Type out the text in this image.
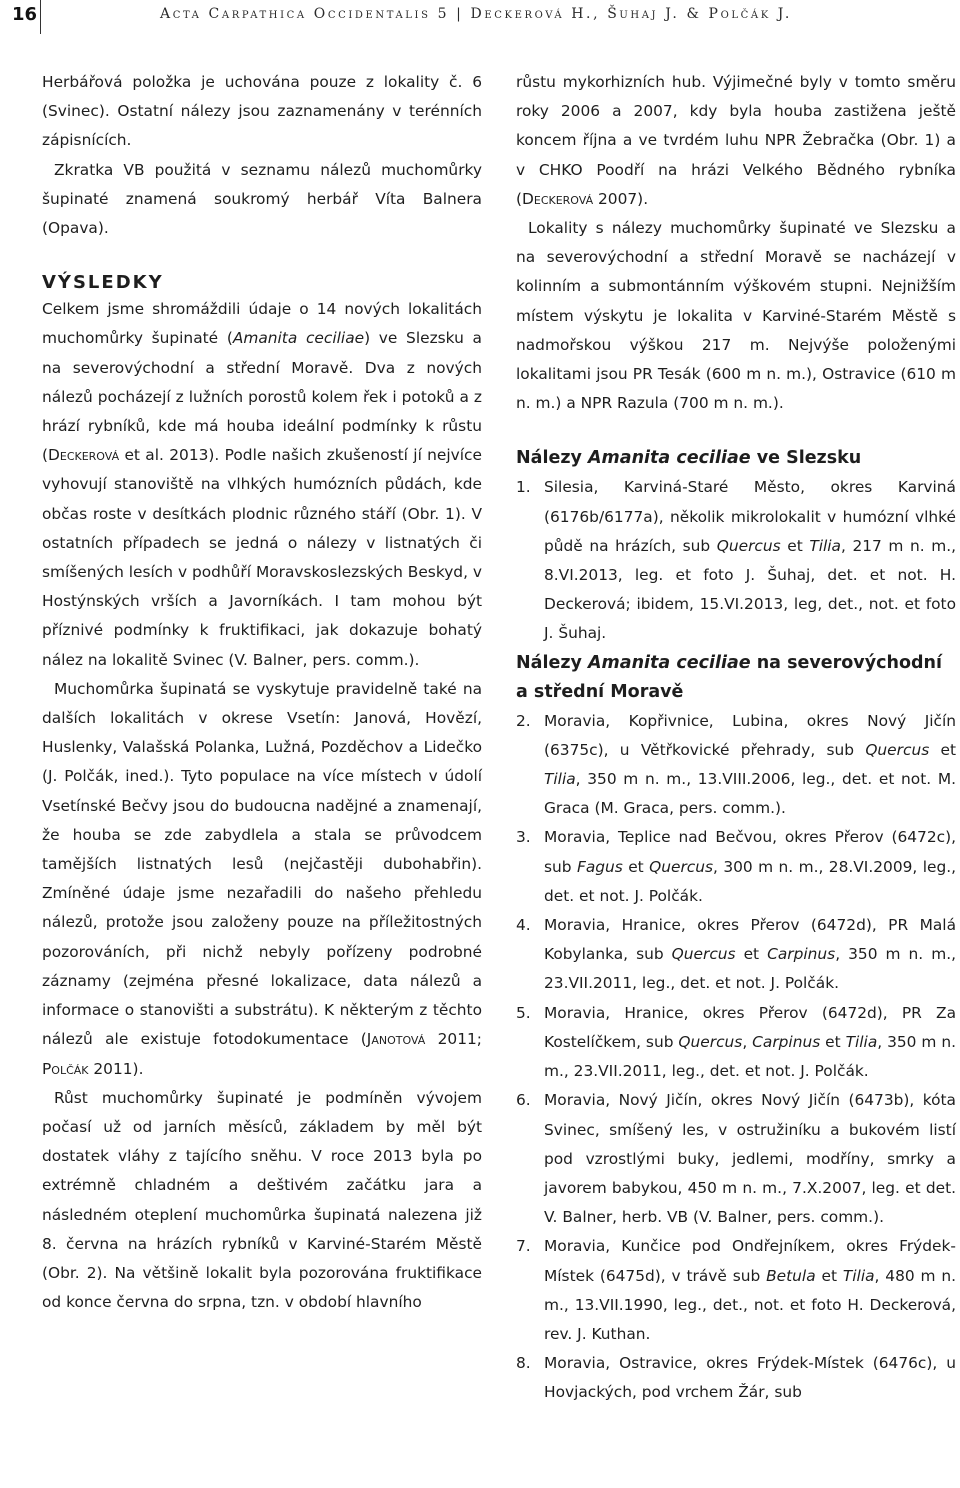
16	Acta Carpathica Occidentalis 5 | Deckerová H., Šuhaj J. & Polčák J.

Herbářová položka je uchována pouze z lokality č. 6 (Svinec). Ostatní nálezy jsou zaznamenány v terénních zápisnících.

Zkratka VB použitá v seznamu nálezů muchomůrky šupinaté znamená soukromý herbář Víta Balnera (Opava).

VÝSLEDKY

Celkem jsme shromáždili údaje o 14 nových lokalitách muchomůrky šupinaté (Amanita ceciliae) ve Slezsku a na severovýchodní a střední Moravě. Dva z nových nálezů pocházejí z lužních porostů kolem řek i potoků a z hrází rybníků, kde má houba ideální podmínky k růstu (Deckerová et al. 2013). Podle našich zkušeností jí nejvíce vyhovují stanoviště na vlhkých humózních půdách, kde občas roste v desítkách plodnic různého stáří (Obr. 1). V ostatních případech se jedná o nálezy v listnatých či smíšených lesích v podhůří Moravskoslezských Beskyd, v Hostýnských vrších a Javorníkách. I tam mohou být příznivé podmínky k fruktifikaci, jak dokazuje bohatý nález na lokalitě Svinec (V. Balner, pers. comm.).

Muchomůrka šupinatá se vyskytuje pravidelně také na dalších lokalitách v okrese Vsetín: Janová, Hovězí, Huslenky, Valašská Polanka, Lužná, Pozděchov a Lidečko (J. Polčák, ined.). Tyto populace na více místech v údolí Vsetínské Bečvy jsou do budoucna nadějné a znamenají, že houba se zde zabydlela a stala se průvodcem tamějších listnatých lesů (nejčastěji dubohabřin). Zmíněné údaje jsme nezařadili do našeho přehledu nálezů, protože jsou založeny pouze na příležitostných pozorováních, při nichž nebyly pořízeny podrobné záznamy (zejména přesné lokalizace, data nálezů a informace o stanovišti a substrátu). K některým z těchto nálezů ale existuje fotodokumentace (Janotová 2011; Polčák 2011).

Růst muchomůrky šupinaté je podmíněn vývojem počasí už od jarních měsíců, základem by měl být dostatek vláhy z tajícího sněhu. V roce 2013 byla po extrémně chladném a deštivém začátku jara a následném oteplení muchomůrka šupinatá nalezena již 8. června na hrázích rybníků v Karviné-Starém Městě (Obr. 2). Na většině lokalit byla pozorována fruktifikace od konce června do srpna, tzn. v období hlavního

růstu mykorhizních hub. Výjimečné byly v tomto směru roky 2006 a 2007, kdy byla houba zastižena ještě koncem října a ve tvrdém luhu NPR Žebračka (Obr. 1) a v CHKO Poodří na hrázi Velkého Bědného rybníka (Deckerová 2007).

Lokality s nálezy muchomůrky šupinaté ve Slezsku a na severovýchodní a střední Moravě se nacházejí v kolinním a submontánním výškovém stupni. Nejnižším místem výskytu je lokalita v Karviné-Starém Městě s nadmořskou výškou 217 m. Nejvýše položenými lokalitami jsou PR Tesák (600 m n. m.), Ostravice (610 m n. m.) a NPR Razula (700 m n. m.).

Nálezy Amanita ceciliae ve Slezsku

1. Silesia, Karviná-Staré Město, okres Karviná (6176b/6177a), několik mikrolokalit v humózní vlhké půdě na hrázích, sub Quercus et Tilia, 217 m n. m., 8.VI.2013, leg. et foto J. Šuhaj, det. et not. H. Deckerová; ibidem, 15.VI.2013, leg, det., not. et foto J. Šuhaj.

Nálezy Amanita ceciliae na severovýchodní a střední Moravě

2. Moravia, Kopřivnice, Lubina, okres Nový Jičín (6375c), u Větřkovické přehrady, sub Quercus et Tilia, 350 m n. m., 13.VIII.2006, leg., det. et not. M. Graca (M. Graca, pers. comm.).

3. Moravia, Teplice nad Bečvou, okres Přerov (6472c), sub Fagus et Quercus, 300 m n. m., 28.VI.2009, leg., det. et not. J. Polčák.

4. Moravia, Hranice, okres Přerov (6472d), PR Malá Kobylanka, sub Quercus et Carpinus, 350 m n. m., 23.VII.2011, leg., det. et not. J. Polčák.

5. Moravia, Hranice, okres Přerov (6472d), PR Za Kostelíčkem, sub Quercus, Carpinus et Tilia, 350 m n. m., 23.VII.2011, leg., det. et not. J. Polčák.

6. Moravia, Nový Jičín, okres Nový Jičín (6473b), kóta Svinec, smíšený les, v ostružiníku a bukovém listí pod vzrostlými buky, jedlemi, modříny, smrky a javorem babykou, 450 m n. m., 7.X.2007, leg. et det. V. Balner, herb. VB (V. Balner, pers. comm.).

7. Moravia, Kunčice pod Ondřejníkem, okres Frýdek-Místek (6475d), v trávě sub Betula et Tilia, 480 m n. m., 13.VII.1990, leg., det., not. et foto H. Deckerová, rev. J. Kuthan.

8. Moravia, Ostravice, okres Frýdek-Místek (6476c), u Hovjackých, pod vrchem Žár, sub
